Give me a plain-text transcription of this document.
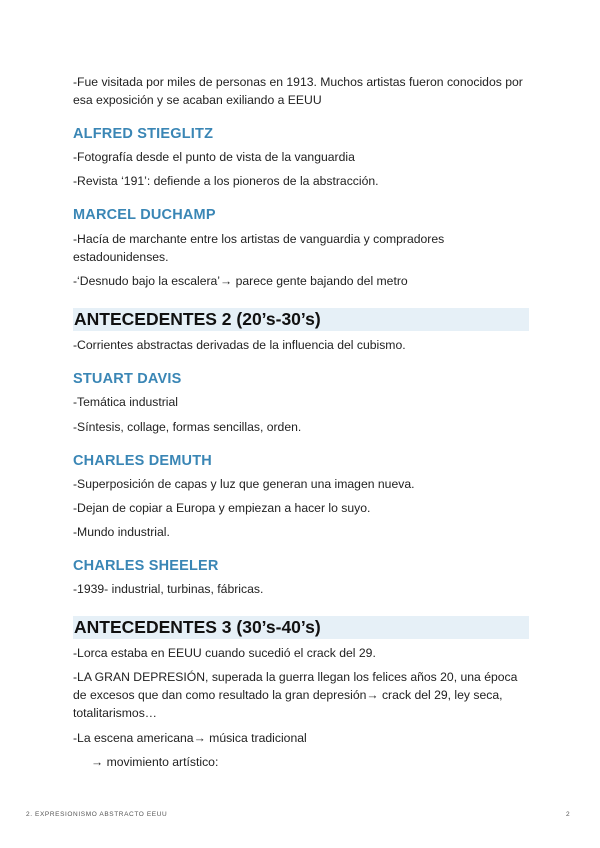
-Fue visitada por miles de personas en 1913. Muchos artistas fueron conocidos por esa exposición y se acaban exiliando a EEUU

ALFRED STIEGLITZ

-Fotografía desde el punto de vista de la vanguardia

-Revista ‘191’: defiende a los pioneros de la abstracción.

MARCEL DUCHAMP

-Hacía de marchante entre los artistas de vanguardia y compradores estadounidenses.

-‘Desnudo bajo la escalera’→ parece gente bajando del metro

ANTECEDENTES 2 (20’s-30’s)

-Corrientes abstractas derivadas de la influencia del cubismo.

STUART DAVIS

-Temática industrial

-Síntesis, collage, formas sencillas, orden.

CHARLES DEMUTH

-Superposición de capas y luz que generan una imagen nueva.

-Dejan de copiar a Europa y empiezan a hacer lo suyo.

-Mundo industrial.

CHARLES SHEELER

-1939- industrial, turbinas, fábricas.

ANTECEDENTES 3 (30’s-40’s)

-Lorca estaba en EEUU cuando sucedió el crack del 29.

-LA GRAN DEPRESIÓN, superada la guerra llegan los felices años 20, una época de excesos que dan como resultado la gran depresión→ crack del 29, ley seca, totalitarismos…

-La escena americana→ música tradicional

→ movimiento artístico:

2. EXPRESIONISMO ABSTRACTO EEUU	2
